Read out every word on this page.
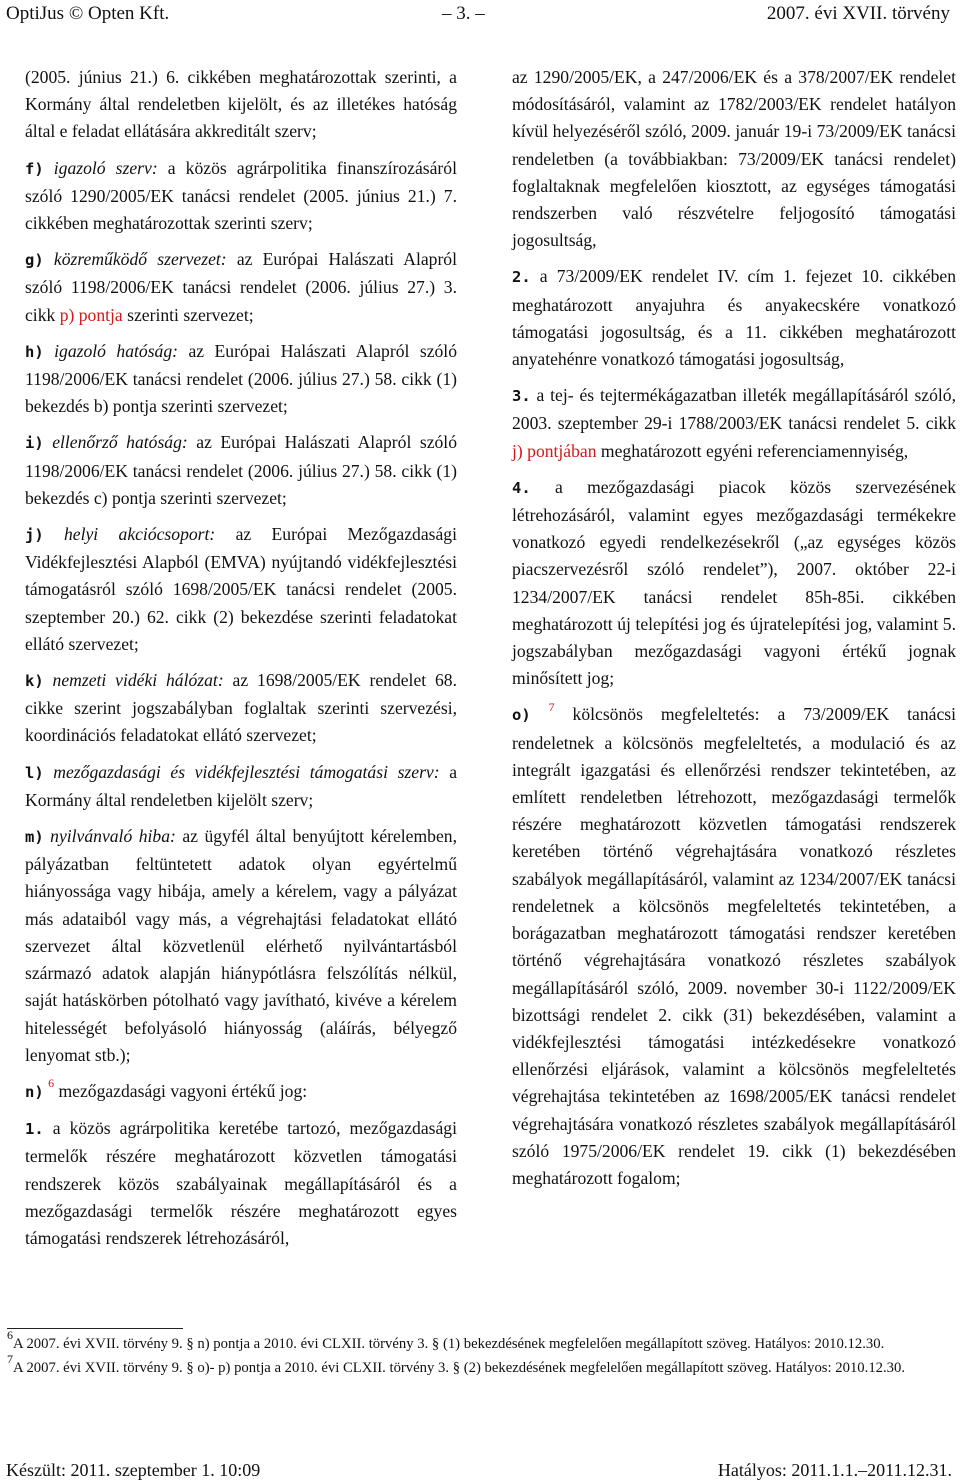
OptiJus © Opten Kft.	– 3. –	2007. évi XVII. törvény

(2005. június 21.) 6. cikkében meghatározottak szerinti, a Kormány által rendeletben kijelölt, és az illetékes hatóság által e feladat ellátására akkreditált szerv;

f) igazoló szerv: a közös agrárpolitika finanszírozásáról szóló 1290/2005/EK tanácsi rendelet (2005. június 21.) 7. cikkében meghatározottak szerinti szerv;

g) közreműködő szervezet: az Európai Halászati Alapról szóló 1198/2006/EK tanácsi rendelet (2006. július 27.) 3. cikk p) pontja szerinti szervezet;

h) igazoló hatóság: az Európai Halászati Alapról szóló 1198/2006/EK tanácsi rendelet (2006. július 27.) 58. cikk (1) bekezdés b) pontja szerinti szervezet;

i) ellenőrző hatóság: az Európai Halászati Alapról szóló 1198/2006/EK tanácsi rendelet (2006. július 27.) 58. cikk (1) bekezdés c) pontja szerinti szervezet;

j) helyi akciócsoport: az Európai Mezőgazdasági Vidékfejlesztési Alapból (EMVA) nyújtandó vidékfejlesztési támogatásról szóló 1698/2005/EK tanácsi rendelet (2005. szeptember 20.) 62. cikk (2) bekezdése szerinti feladatokat ellátó szervezet;

k) nemzeti vidéki hálózat: az 1698/2005/EK rendelet 68. cikke szerint jogszabályban foglaltak szerinti szervezési, koordinációs feladatokat ellátó szervezet;

l) mezőgazdasági és vidékfejlesztési támogatási szerv: a Kormány által rendeletben kijelölt szerv;

m) nyilvánvaló hiba: az ügyfél által benyújtott kérelemben, pályázatban feltüntetett adatok olyan egyértelmű hiányossága vagy hibája, amely a kérelem, vagy a pályázat más adataiból vagy más, a végrehajtási feladatokat ellátó szervezet által közvetlenül elérhető nyilvántartásból származó adatok alapján hiánypótlásra felszólítás nélkül, saját hatáskörben pótolható vagy javítható, kivéve a kérelem hitelességét befolyásoló hiányosság (aláírás, bélyegző lenyomat stb.);

n) $^6$ mezőgazdasági vagyoni értékű jog:

1. a közös agrárpolitika keretébe tartozó, mezőgazdasági termelők részére meghatározott közvetlen támogatási rendszerek közös szabályainak megállapításáról és a mezőgazdasági termelők részére meghatározott egyes támogatási rendszerek létrehozásáról,

az 1290/2005/EK, a 247/2006/EK és a 378/2007/EK rendelet módosításáról, valamint az 1782/2003/EK rendelet hatályon kívül helyezéséről szóló, 2009. január 19-i 73/2009/EK tanácsi rendeletben (a továbbiakban: 73/2009/EK tanácsi rendelet) foglaltaknak megfelelően kiosztott, az egységes támogatási rendszerben való részvételre feljogosító támogatási jogosultság,

2. a 73/2009/EK rendelet IV. cím 1. fejezet 10. cikkében meghatározott anyajuhra és anyakecskére vonatkozó támogatási jogosultság, és a 11. cikkében meghatározott anyatehénre vonatkozó támogatási jogosultság,

3. a tej- és tejtermékágazatban illeték megállapításáról szóló, 2003. szeptember 29-i 1788/2003/EK tanácsi rendelet 5. cikk j) pontjában meghatározott egyéni referenciamennyiség,

4. a mezőgazdasági piacok közös szervezésének létrehozásáról, valamint egyes mezőgazdasági termékekre vonatkozó egyedi rendelkezésekről („az egységes közös piacszervezésről szóló rendelet”), 2007. október 22-i 1234/2007/EK tanácsi rendelet 85h-85i. cikkében meghatározott új telepítési jog és újratelepítési jog, valamint 5. jogszabályban mezőgazdasági vagyoni értékű jognak minősített jog;

o) $^7$ kölcsönös megfeleltetés: a 73/2009/EK tanácsi rendeletnek a kölcsönös megfeleltetés, a modulació és az integrált igazgatási és ellenőrzési rendszer tekintetében, az említett rendeletben létrehozott, mezőgazdasági termelők részére meghatározott közvetlen támogatási rendszerek keretében történő végrehajtására vonatkozó részletes szabályok megállapításáról, valamint az 1234/2007/EK tanácsi rendeletnek a kölcsönös megfeleltetés tekintetében, a borágazatban meghatározott támogatási rendszer keretében történő végrehajtására vonatkozó részletes szabályok megállapításáról szóló, 2009. november 30-i 1122/2009/EK bizottsági rendelet 2. cikk (31) bekezdésében, valamint a vidékfejlesztési támogatási intézkedésekre vonatkozó ellenőrzési eljárások, valamint a kölcsönös megfeleltetés végrehajtása tekintetében az 1698/2005/EK tanácsi rendelet végrehajtására vonatkozó részletes szabályok megállapításáról szóló 1975/2006/EK rendelet 19. cikk (1) bekezdésében meghatározott fogalom;

$^6$A 2007. évi XVII. törvény 9. § n) pontja a 2010. évi CLXII. törvény 3. § (1) bekezdésének megfelelően megállapított szöveg. Hatályos: 2010.12.30.

$^7$A 2007. évi XVII. törvény 9. § o)- p) pontja a 2010. évi CLXII. törvény 3. § (2) bekezdésének megfelelően megállapított szöveg. Hatályos: 2010.12.30.

Készült: 2011. szeptember 1. 10:09	Hatályos: 2011.1.1.–2011.12.31.
